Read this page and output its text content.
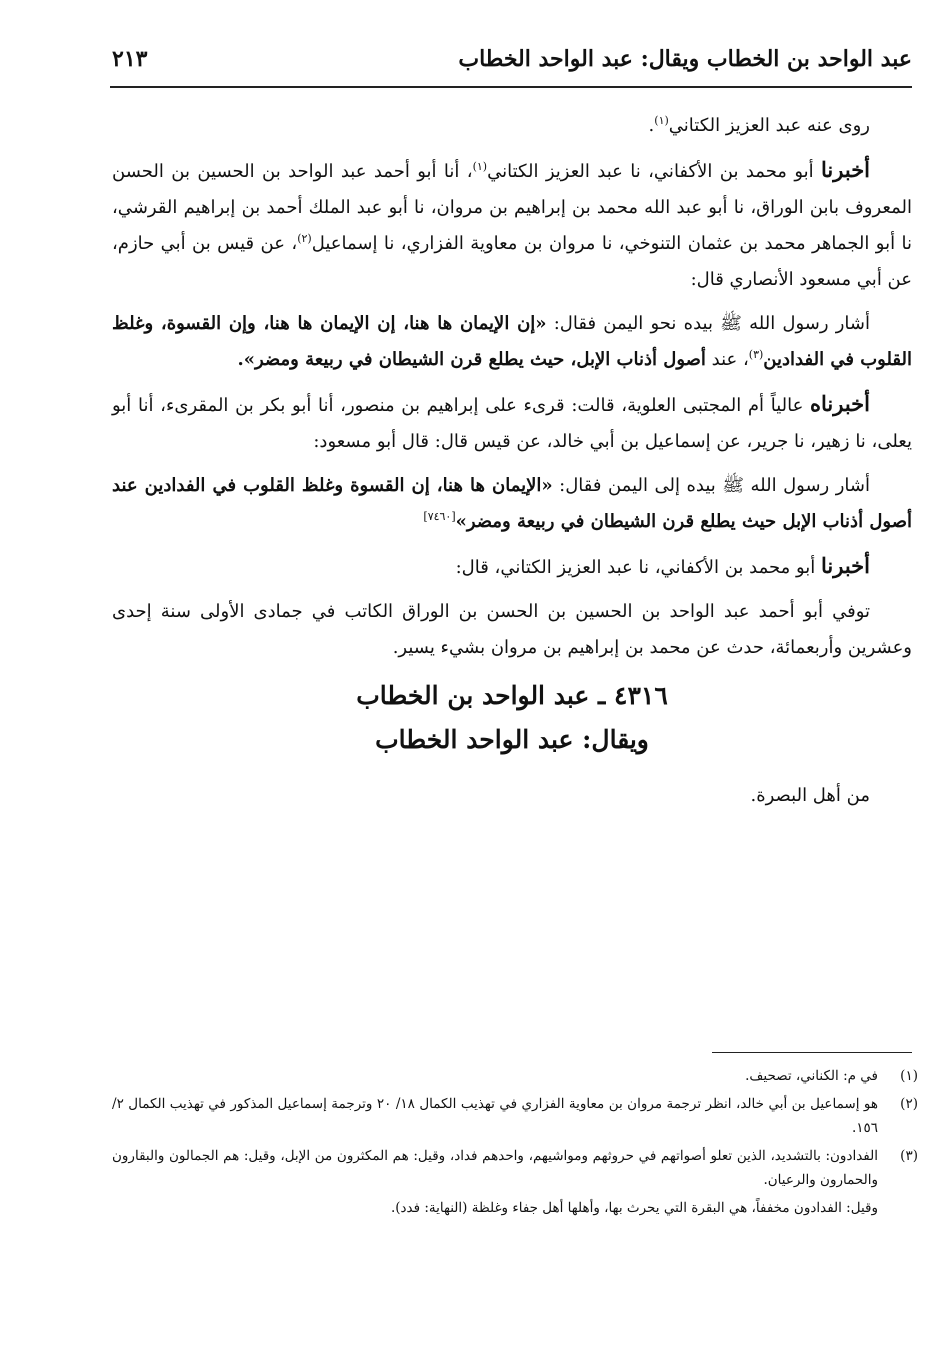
عبد الواحد بن الخطاب ويقال: عبد الواحد الخطاب
٢١٣

روى عنه عبد العزيز الكتاني$^{(١)}$.

أخبرنا أبو محمد بن الأكفاني، نا عبد العزيز الكتاني$^{(١)}$، أنا أبو أحمد عبد الواحد بن الحسين بن الحسن المعروف بابن الوراق، نا أبو عبد الله محمد بن إبراهيم بن مروان، نا أبو عبد الملك أحمد بن إبراهيم القرشي، نا أبو الجماهر محمد بن عثمان التنوخي، نا مروان بن معاوية الفزاري، نا إسماعيل$^{(٢)}$، عن قيس بن أبي حازم، عن أبي مسعود الأنصاري قال:

أشار رسول الله ﷺ بيده نحو اليمن فقال: «إن الإيمان ها هنا، إن الإيمان ها هنا، وإن القسوة، وغلظ القلوب في الفدادين$^{(٣)}$، عند أصول أذناب الإبل، حيث يطلع قرن الشيطان في ربيعة ومضر».

أخبرناه عالياً أم المجتبى العلوية، قالت: قرىء على إبراهيم بن منصور، أنا أبو بكر بن المقرىء، أنا أبو يعلى، نا زهير، نا جرير، عن إسماعيل بن أبي خالد، عن قيس قال: قال أبو مسعود:

أشار رسول الله ﷺ بيده إلى اليمن فقال: «الإيمان ها هنا، إن القسوة وغلظ القلوب في الفدادين عند أصول أذناب الإبل حيث يطلع قرن الشيطان في ربيعة ومضر»[٧٤٦٠]

أخبرنا أبو محمد بن الأكفاني، نا عبد العزيز الكتاني، قال:

توفي أبو أحمد عبد الواحد بن الحسين بن الحسن بن الوراق الكاتب في جمادى الأولى سنة إحدى وعشرين وأربعمائة، حدث عن محمد بن إبراهيم بن مروان بشيء يسير.

٤٣١٦ ـ عبد الواحد بن الخطاب
ويقال: عبد الواحد الخطاب

من أهل البصرة.

(١)
في م: الكناني، تصحيف.
(٢)
هو إسماعيل بن أبي خالد، انظر ترجمة مروان بن معاوية الفزاري في تهذيب الكمال ١٨/ ٢٠ وترجمة إسماعيل المذكور في تهذيب الكمال ٢/ ١٥٦.
(٣)
الفدادون: بالتشديد، الذين تعلو أصواتهم في حروثهم ومواشيهم، واحدهم فداد، وقيل: هم المكثرون من الإبل، وقيل: هم الجمالون والبقارون والحمارون والرعيان.

وقيل: الفدادون مخففاً، هي البقرة التي يحرث بها، وأهلها أهل جفاء وغلظة (النهاية: فدد).
